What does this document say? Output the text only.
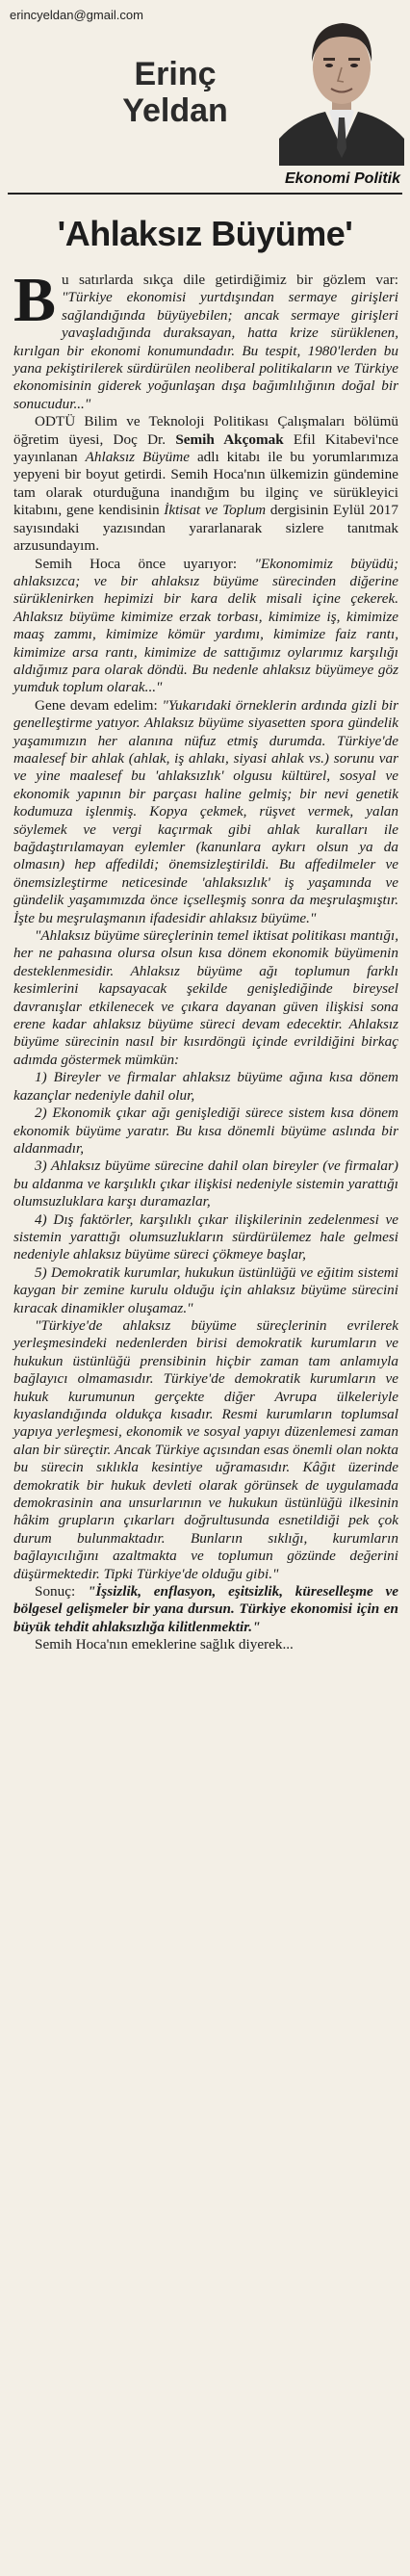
erincyeldan@gmail.com
Erinç
Yeldan
Ekonomi Politik
'Ahlaksız Büyüme'

Bu satırlarda sıkça dile getirdiğimiz bir gözlem var: "Türkiye ekonomisi yurtdışından sermaye girişleri sağlandığında büyüyebilen; ancak sermaye girişleri yavaşladığında duraksayan, hatta krize sürüklenen, kırılgan bir ekonomi konumundadır. Bu tespit, 1980'lerden bu yana pekiştirilerek sürdürülen neoliberal politikaların ve Türkiye ekonomisinin giderek yoğunlaşan dışa bağımlılığının doğal bir sonucudur..."

ODTÜ Bilim ve Teknoloji Politikası Çalışmaları bölümü öğretim üyesi, Doç Dr. Semih Akçomak Efil Kitabevi'nce yayınlanan Ahlaksız Büyüme adlı kitabı ile bu yorumlarımıza yepyeni bir boyut getirdi. Semih Hoca'nın ülkemizin gündemine tam olarak oturduğuna inandığım bu ilginç ve sürükleyici kitabını, gene kendisinin İktisat ve Toplum dergisinin Eylül 2017 sayısındaki yazısından yararlanarak sizlere tanıtmak arzusundayım.

Semih Hoca önce uyarıyor: "Ekonomimiz büyüdü; ahlaksızca; ve bir ahlaksız büyüme sürecinden diğerine sürüklenirken hepimizi bir kara delik misali içine çekerek. Ahlaksız büyüme kimimize erzak torbası, kimimize iş, kimimize maaş zammı, kimimize kömür yardımı, kimimize faiz rantı, kimimize arsa rantı, kimimize de sattığımız oylarımız karşılığı aldığımız para olarak döndü. Bu nedenle ahlaksız büyümeye göz yumduk toplum olarak..."

Gene devam edelim: "Yukarıdaki örneklerin ardında gizli bir genelleştirme yatıyor. Ahlaksız büyüme siyasetten spora gündelik yaşamımızın her alanına nüfuz etmiş durumda. Türkiye'de maalesef bir ahlak (ahlak, iş ahlakı, siyasi ahlak vs.) sorunu var ve yine maalesef bu 'ahlaksızlık' olgusu kültürel, sosyal ve ekonomik yapının bir parçası haline gelmiş; bir nevi genetik kodumuza işlenmiş. Kopya çekmek, rüşvet vermek, yalan söylemek ve vergi kaçırmak gibi ahlak kuralları ile bağdaştırılamayan eylemler (kanunlara aykırı olsun ya da olmasın) hep affedildi; önemsizleştirildi. Bu affedilmeler ve önemsizleştirme neticesinde 'ahlaksızlık' iş yaşamında ve gündelik yaşamımızda önce içselleşmiş sonra da meşrulaşmıştır. İşte bu meşrulaşmanın ifadesidir ahlaksız büyüme."

"Ahlaksız büyüme süreçlerinin temel iktisat politikası mantığı, her ne pahasına olursa olsun kısa dönem ekonomik büyümenin desteklenmesidir. Ahlaksız büyüme ağı toplumun farklı kesimlerini kapsayacak şekilde genişlediğinde bireysel davranışlar etkilenecek ve çıkara dayanan güven ilişkisi sona erene kadar ahlaksız büyüme süreci devam edecektir. Ahlaksız büyüme sürecinin nasıl bir kısırdöngü içinde evrildiğini birkaç adımda göstermek mümkün:

1) Bireyler ve firmalar ahlaksız büyüme ağına kısa dönem kazançlar nedeniyle dahil olur,

2) Ekonomik çıkar ağı genişlediği sürece sistem kısa dönem ekonomik büyüme yaratır. Bu kısa dönemli büyüme aslında bir aldanmadır,

3) Ahlaksız büyüme sürecine dahil olan bireyler (ve firmalar) bu aldanma ve karşılıklı çıkar ilişkisi nedeniyle sistemin yarattığı olumsuzluklara karşı duramazlar,

4) Dış faktörler, karşılıklı çıkar ilişkilerinin zedelenmesi ve sistemin yarattığı olumsuzlukların sürdürülemez hale gelmesi nedeniyle ahlaksız büyüme süreci çökmeye başlar,

5) Demokratik kurumlar, hukukun üstünlüğü ve eğitim sistemi kaygan bir zemine kurulu olduğu için ahlaksız büyüme sürecini kıracak dinamikler oluşamaz."

"Türkiye'de ahlaksız büyüme süreçlerinin evrilerek yerleşmesindeki nedenlerden birisi demokratik kurumların ve hukukun üstünlüğü prensibinin hiçbir zaman tam anlamıyla bağlayıcı olmamasıdır. Türkiye'de demokratik kurumların ve hukuk kurumunun gerçekte diğer Avrupa ülkeleriyle kıyaslandığında oldukça kısadır. Resmi kurumların toplumsal yapıya yerleşmesi, ekonomik ve sosyal yapıyı düzenlemesi zaman alan bir süreçtir. Ancak Türkiye açısından esas önemli olan nokta bu sürecin sıklıkla kesintiye uğramasıdır. Kâğıt üzerinde demokratik bir hukuk devleti olarak görünsek de uygulamada demokrasinin ana unsurlarının ve hukukun üstünlüğü ilkesinin hâkim grupların çıkarları doğrultusunda esnetildiği pek çok durum bulunmaktadır. Bunların sıklığı, kurumların bağlayıcılığını azaltmakta ve toplumun gözünde değerini düşürmektedir. Tipki Türkiye'de olduğu gibi."

Sonuç: "İşsizlik, enflasyon, eşitsizlik, küreselleşme ve bölgesel gelişmeler bir yana dursun. Türkiye ekonomisi için en büyük tehdit ahlaksızlığa kilitlenmektir."

Semih Hoca'nın emeklerine sağlık diyerek...
